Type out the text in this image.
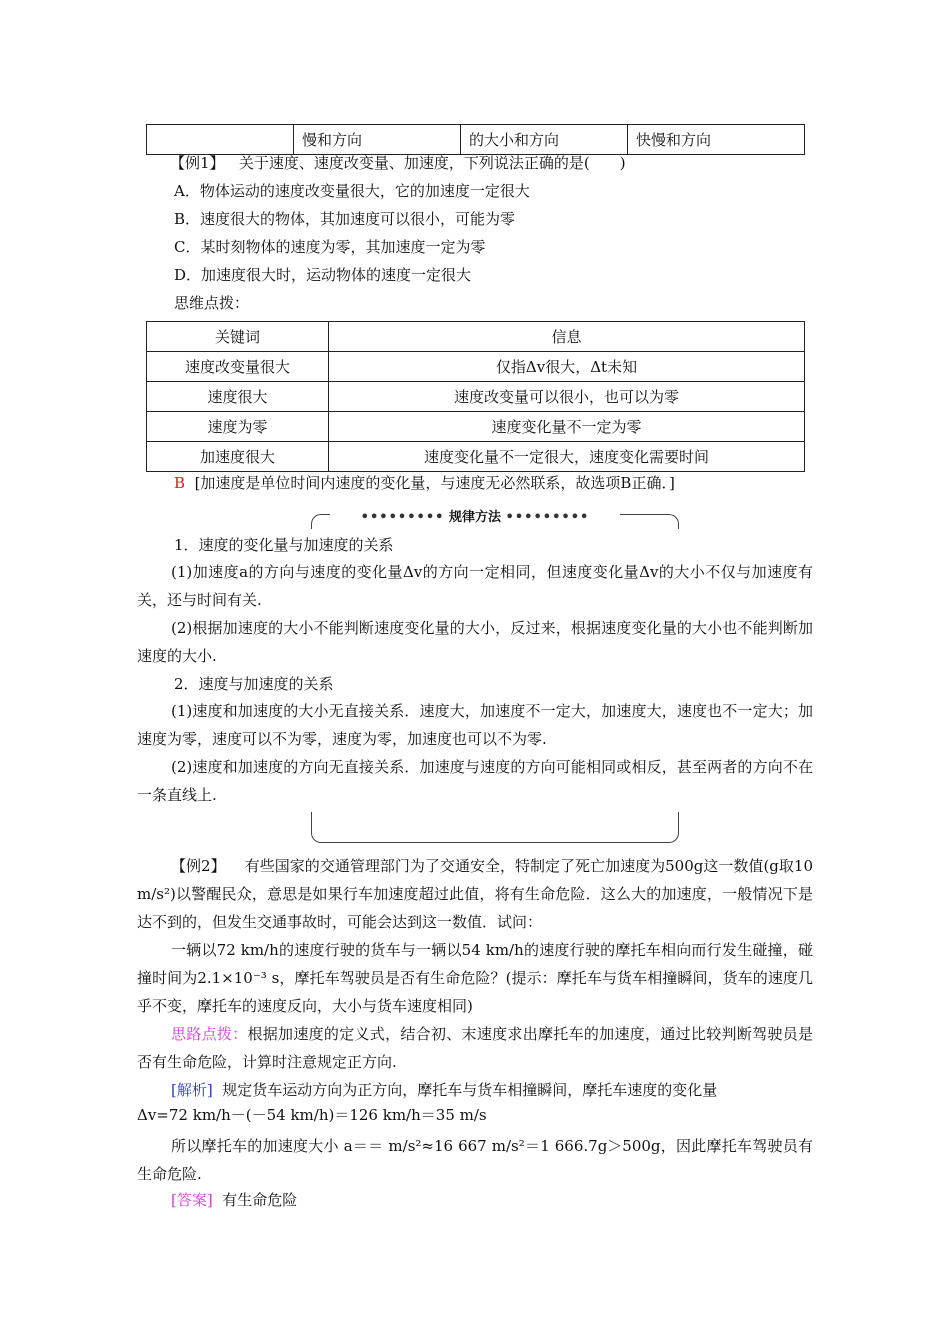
	慢和方向	的大小和方向	快慢和方向
【例1】 关于速度、速度改变量、加速度，下列说法正确的是(　　)
A．物体运动的速度改变量很大，它的加速度一定很大
B．速度很大的物体，其加速度可以很小，可能为零
C．某时刻物体的速度为零，其加速度一定为零
D．加速度很大时，运动物体的速度一定很大
思维点拨：
关键词	信息
速度改变量很大	仅指Δv很大，Δt未知
速度很大	速度改变量可以很小，也可以为零
速度为零	速度变化量不一定为零
加速度很大	速度变化量不一定很大，速度变化需要时间
B [加速度是单位时间内速度的变化量，与速度无必然联系，故选项B正确．]
••••••••• 规律方法 •••••••••
1．速度的变化量与加速度的关系
(1)加速度a的方向与速度的变化量Δv的方向一定相同，但速度变化量Δv的大小不仅与加速度有关，还与时间有关.
(2)根据加速度的大小不能判断速度变化量的大小，反过来，根据速度变化量的大小也不能判断加速度的大小.
2．速度与加速度的关系
(1)速度和加速度的大小无直接关系．速度大，加速度不一定大，加速度大，速度也不一定大；加速度为零，速度可以不为零，速度为零，加速度也可以不为零.
(2)速度和加速度的方向无直接关系．加速度与速度的方向可能相同或相反，甚至两者的方向不在一条直线上.
【例2】 有些国家的交通管理部门为了交通安全，特制定了死亡加速度为500g这一数值(g取10 m/s²)以警醒民众，意思是如果行车加速度超过此值，将有生命危险．这么大的加速度，一般情况下是达不到的，但发生交通事故时，可能会达到这一数值．试问：
一辆以72 km/h的速度行驶的货车与一辆以54 km/h的速度行驶的摩托车相向而行发生碰撞，碰撞时间为2.1×10⁻³ s，摩托车驾驶员是否有生命危险？(提示：摩托车与货车相撞瞬间，货车的速度几乎不变，摩托车的速度反向，大小与货车速度相同)
思路点拨：根据加速度的定义式，结合初、末速度求出摩托车的加速度，通过比较判断驾驶员是否有生命危险，计算时注意规定正方向.
[解析] 规定货车运动方向为正方向，摩托车与货车相撞瞬间，摩托车速度的变化量
Δv=72 km/h－(－54 km/h)＝126 km/h＝35 m/s
所以摩托车的加速度大小 a＝＝ m/s²≈16 667 m/s²＝1 666.7g＞500g，因此摩托车驾驶员有生命危险.
[答案] 有生命危险
